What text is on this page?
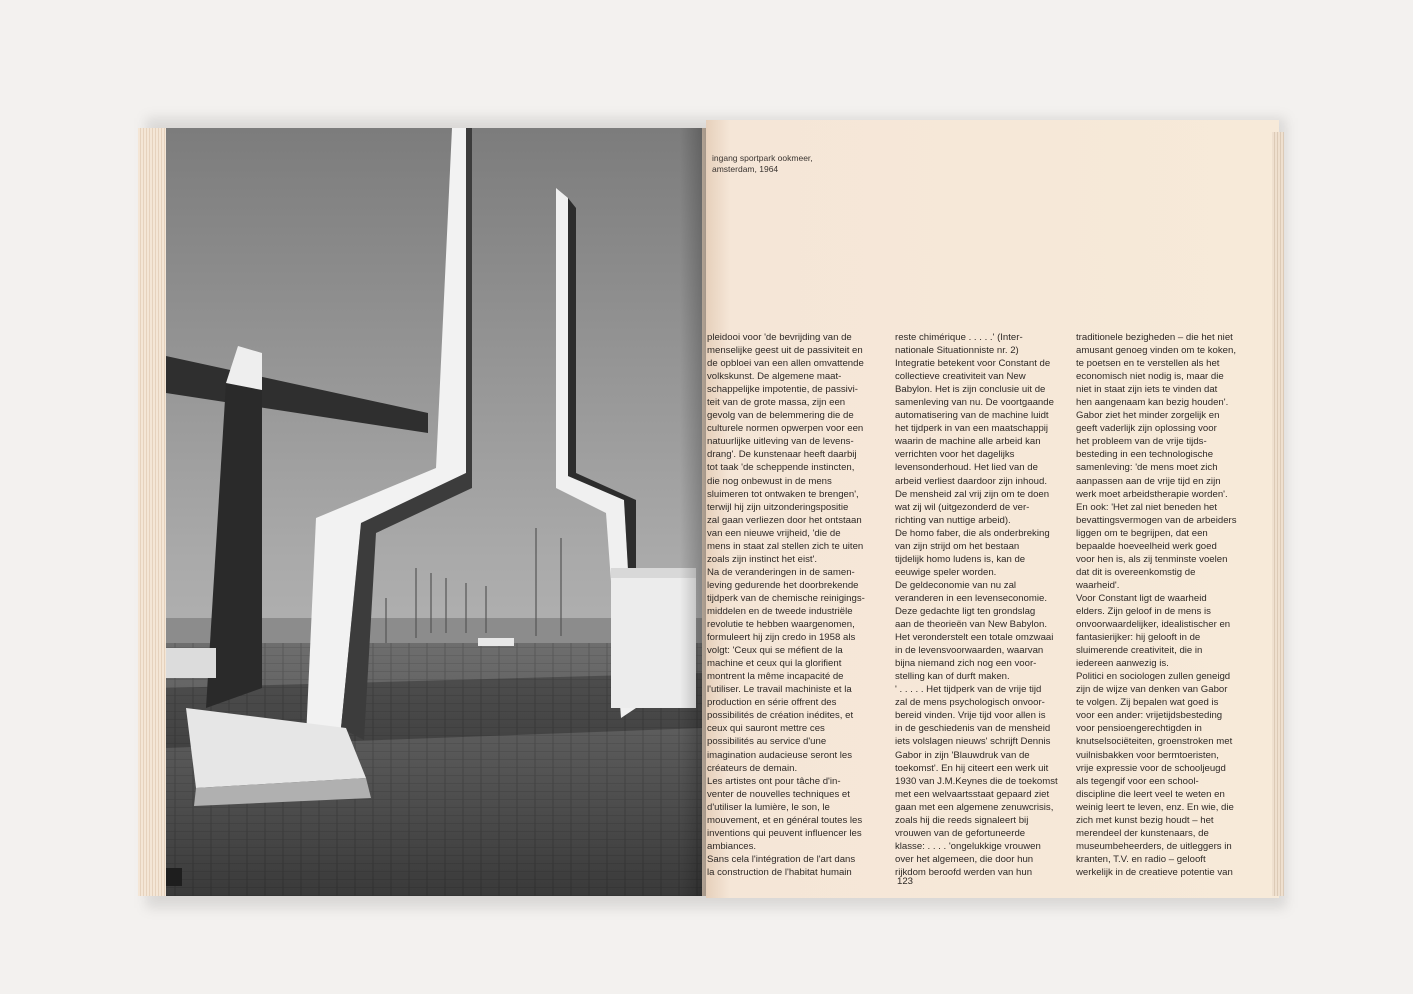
ingang sportpark ookmeer,
amsterdam, 1964
pleidooi voor 'de bevrijding van de
menselijke geest uit de passiviteit en
de opbloei van een allen omvattende
volkskunst. De algemene maat-
schappelijke impotentie, de passivi-
teit van de grote massa, zijn een
gevolg van de belemmering die de
culturele normen opwerpen voor een
natuurlijke uitleving van de levens-
drang'. De kunstenaar heeft daarbij
tot taak 'de scheppende instincten,
die nog onbewust in de mens
sluimeren tot ontwaken te brengen',
terwijl hij zijn uitzonderingspositie
zal gaan verliezen door het ontstaan
van een nieuwe vrijheid, 'die de
mens in staat zal stellen zich te uiten
zoals zijn instinct het eist'.
Na de veranderingen in de samen-
leving gedurende het doorbrekende
tijdperk van de chemische reinigings-
middelen en de tweede industriële
revolutie te hebben waargenomen,
formuleert hij zijn credo in 1958 als
volgt: 'Ceux qui se méfient de la
machine et ceux qui la glorifient
montrent la même incapacité de
l'utiliser. Le travail machiniste et la
production en série offrent des
possibilités de création inédites, et
ceux qui sauront mettre ces
possibilités au service d'une
imagination audacieuse seront les
créateurs de demain.
Les artistes ont pour tâche d'in-
venter de nouvelles techniques et
d'utiliser la lumière, le son, le
mouvement, et en général toutes les
inventions qui peuvent influencer les
ambiances.
Sans cela l'intégration de l'art dans
la construction de l'habitat humain
reste chimérique . . . . .' (Inter-
nationale Situationniste nr. 2)
Integratie betekent voor Constant de
collectieve creativiteit van New
Babylon. Het is zijn conclusie uit de
samenleving van nu. De voortgaande
automatisering van de machine luidt
het tijdperk in van een maatschappij
waarin de machine alle arbeid kan
verrichten voor het dagelijks
levensonderhoud. Het lied van de
arbeid verliest daardoor zijn inhoud.
De mensheid zal vrij zijn om te doen
wat zij wil (uitgezonderd de ver-
richting van nuttige arbeid).
De homo faber, die als onderbreking
van zijn strijd om het bestaan
tijdelijk homo ludens is, kan de
eeuwige speler worden.
De geldeconomie van nu zal
veranderen in een levenseconomie.
Deze gedachte ligt ten grondslag
aan de theorieën van New Babylon.
Het veronderstelt een totale omzwaai
in de levensvoorwaarden, waarvan
bijna niemand zich nog een voor-
stelling kan of durft maken.
' . . . . . Het tijdperk van de vrije tijd
zal de mens psychologisch onvoor-
bereid vinden. Vrije tijd voor allen is
in de geschiedenis van de mensheid
iets volslagen nieuws' schrijft Dennis
Gabor in zijn 'Blauwdruk van de
toekomst'. En hij citeert een werk uit
1930 van J.M.Keynes die de toekomst
met een welvaartsstaat gepaard ziet
gaan met een algemene zenuwcrisis,
zoals hij die reeds signaleert bij
vrouwen van de gefortuneerde
klasse: . . . . 'ongelukkige vrouwen
over het algemeen, die door hun
rijkdom beroofd werden van hun
traditionele bezigheden – die het niet
amusant genoeg vinden om te koken,
te poetsen en te verstellen als het
economisch niet nodig is, maar die
niet in staat zijn iets te vinden dat
hen aangenaam kan bezig houden'.
Gabor ziet het minder zorgelijk en
geeft vaderlijk zijn oplossing voor
het probleem van de vrije tijds-
besteding in een technologische
samenleving: 'de mens moet zich
aanpassen aan de vrije tijd en zijn
werk moet arbeidstherapie worden'.
En ook: 'Het zal niet beneden het
bevattingsvermogen van de arbeiders
liggen om te begrijpen, dat een
bepaalde hoeveelheid werk goed
voor hen is, als zij tenminste voelen
dat dit is overeenkomstig de
waarheid'.
Voor Constant ligt de waarheid
elders. Zijn geloof in de mens is
onvoorwaardelijker, idealistischer en
fantasierijker: hij gelooft in de
sluimerende creativiteit, die in
iedereen aanwezig is.
Politici en sociologen zullen geneigd
zijn de wijze van denken van Gabor
te volgen. Zij bepalen wat goed is
voor een ander: vrijetijdsbesteding
voor pensioengerechtigden in
knutselsociëteiten, groenstroken met
vuilnisbakken voor bermtoeristen,
vrije expressie voor de schooljeugd
als tegengif voor een school-
discipline die leert veel te weten en
weinig leert te leven, enz. En wie, die
zich met kunst bezig houdt – het
merendeel der kunstenaars, de
museumbeheerders, de uitleggers in
kranten, T.V. en radio – gelooft
werkelijk in de creatieve potentie van
123
